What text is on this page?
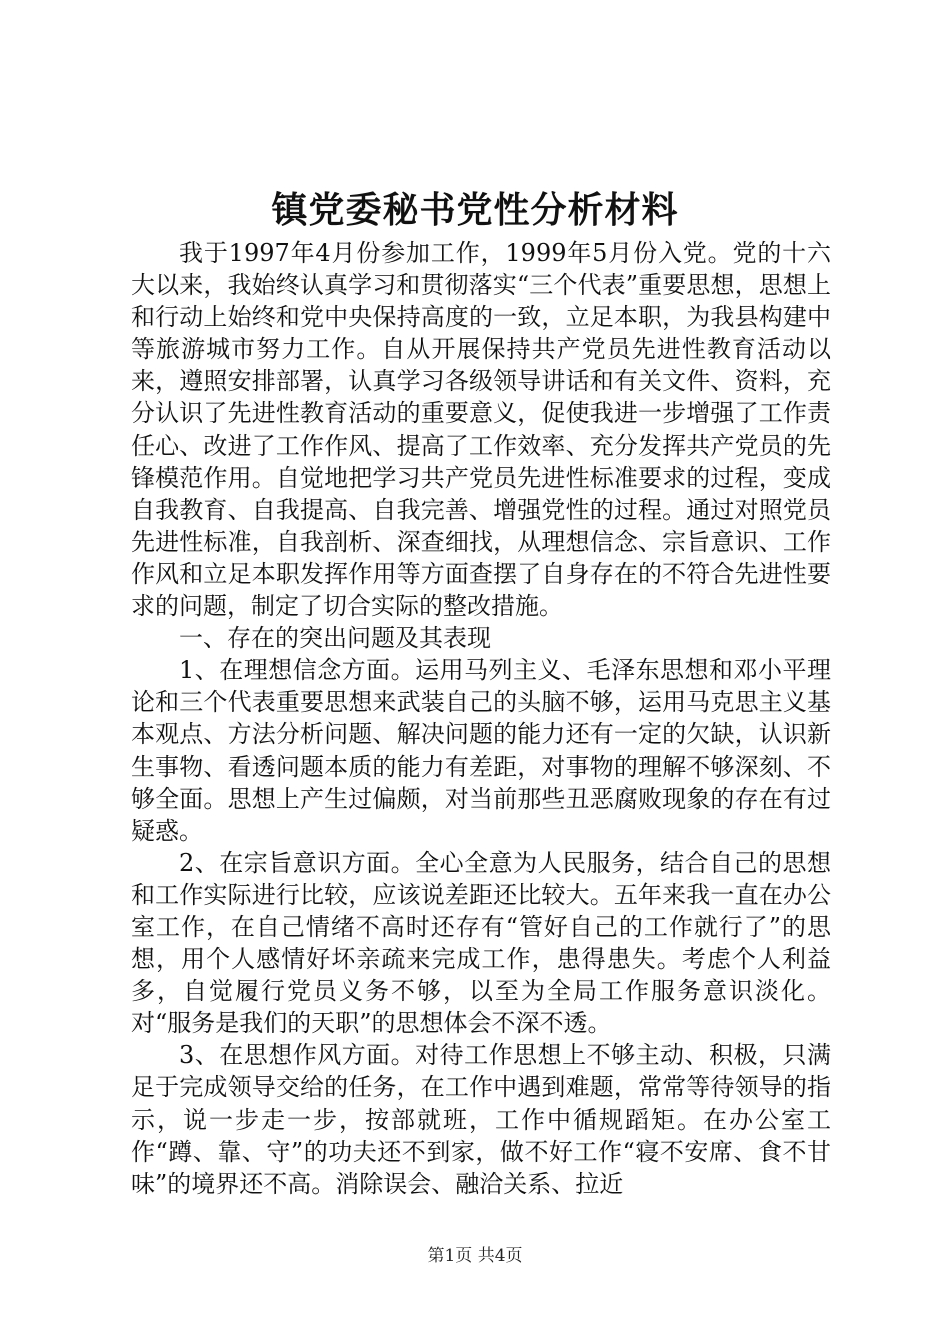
镇党委秘书党性分析材料

我于1997年4月份参加工作，1999年5月份入党。党的十六大以来，我始终认真学习和贯彻落实“三个代表”重要思想，思想上和行动上始终和党中央保持高度的一致，立足本职，为我县构建中等旅游城市努力工作。自从开展保持共产党员先进性教育活动以来，遵照安排部署，认真学习各级领导讲话和有关文件、资料，充分认识了先进性教育活动的重要意义，促使我进一步增强了工作责任心、改进了工作作风、提高了工作效率、充分发挥共产党员的先锋模范作用。自觉地把学习共产党员先进性标准要求的过程，变成自我教育、自我提高、自我完善、增强党性的过程。通过对照党员先进性标准，自我剖析、深查细找，从理想信念、宗旨意识、工作作风和立足本职发挥作用等方面查摆了自身存在的不符合先进性要求的问题，制定了切合实际的整改措施。

一、存在的突出问题及其表现

1、在理想信念方面。运用马列主义、毛泽东思想和邓小平理论和三个代表重要思想来武装自己的头脑不够，运用马克思主义基本观点、方法分析问题、解决问题的能力还有一定的欠缺，认识新生事物、看透问题本质的能力有差距，对事物的理解不够深刻、不够全面。思想上产生过偏颇，对当前那些丑恶腐败现象的存在有过疑惑。

2、在宗旨意识方面。全心全意为人民服务，结合自己的思想和工作实际进行比较，应该说差距还比较大。五年来我一直在办公室工作，在自己情绪不高时还存有“管好自己的工作就行了”的思想，用个人感情好坏亲疏来完成工作，患得患失。考虑个人利益多，自觉履行党员义务不够，以至为全局工作服务意识淡化。对“服务是我们的天职”的思想体会不深不透。

3、在思想作风方面。对待工作思想上不够主动、积极，只满足于完成领导交给的任务，在工作中遇到难题，常常等待领导的指示，说一步走一步，按部就班，工作中循规蹈矩。在办公室工作“蹲、靠、守”的功夫还不到家，做不好工作“寝不安席、食不甘味”的境界还不高。消除误会、融洽关系、拉近

第1页 共4页
